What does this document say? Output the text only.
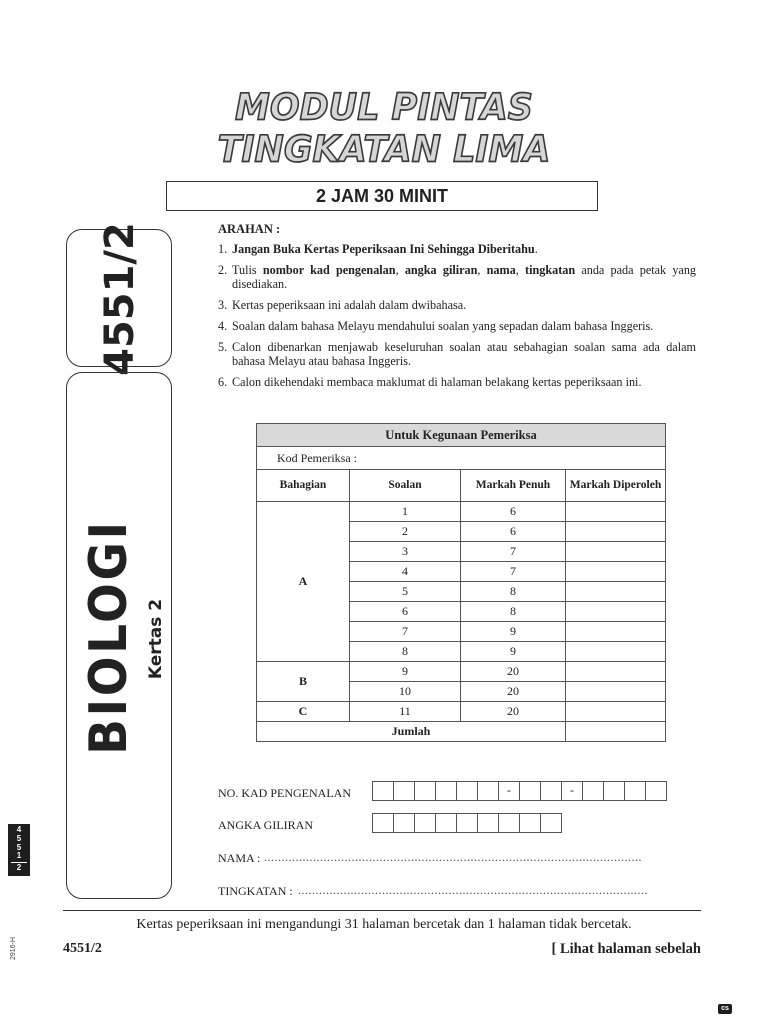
MODUL PINTAS
TINGKATAN LIMA
2 JAM 30 MINIT
4551/2
BIOLOGI Kertas 2
ARAHAN :
1. Jangan Buka Kertas Peperiksaan Ini Sehingga Diberitahu.
2. Tulis nombor kad pengenalan, angka giliran, nama, tingkatan anda pada petak yang disediakan.
3. Kertas peperiksaan ini adalah dalam dwibahasa.
4. Soalan dalam bahasa Melayu mendahului soalan yang sepadan dalam bahasa Inggeris.
5. Calon dibenarkan menjawab keseluruhan soalan atau sebahagian soalan sama ada dalam bahasa Melayu atau bahasa Inggeris.
6. Calon dikehendaki membaca maklumat di halaman belakang kertas peperiksaan ini.
Untuk Kegunaan Pemeriksa			
Kod Pemeriksa :			
Bahagian	Soalan	Markah Penuh	Markah Diperoleh
A	1	6	
	2	6	
	3	7	
	4	7	
	5	8	
	6	8	
	7	9	
	8	9	
B	9	20	
	10	20	
C	11	20	
Jumlah			
NO. KAD PENGENALAN	-	-
ANGKA GILIRAN
NAMA : ............................................................................................................
TINGKATAN : ....................................................................................................
Kertas peperiksaan ini mengandungi 31 halaman bercetak dan 1 halaman tidak bercetak.
4551/2	[ Lihat halaman sebelah
4
5
5
1
2
2916-H
cs
